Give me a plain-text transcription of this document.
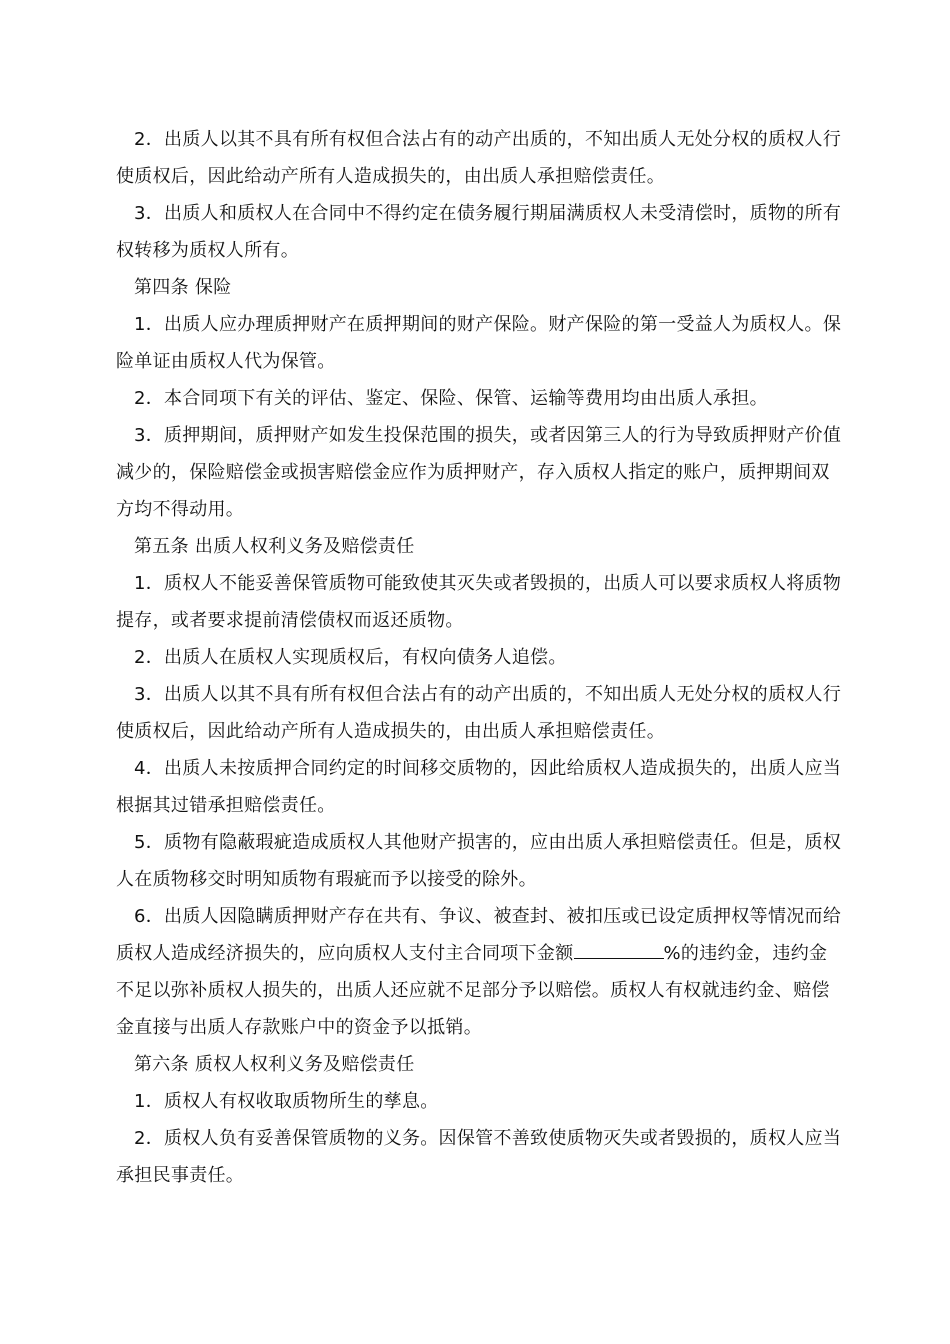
2．出质人以其不具有所有权但合法占有的动产出质的，不知出质人无处分权的质权人行使质权后，因此给动产所有人造成损失的，由出质人承担赔偿责任。

3．出质人和质权人在合同中不得约定在债务履行期届满质权人未受清偿时，质物的所有权转移为质权人所有。

第四条 保险

1．出质人应办理质押财产在质押期间的财产保险。财产保险的第一受益人为质权人。保险单证由质权人代为保管。

2．本合同项下有关的评估、鉴定、保险、保管、运输等费用均由出质人承担。

3．质押期间，质押财产如发生投保范围的损失，或者因第三人的行为导致质押财产价值减少的，保险赔偿金或损害赔偿金应作为质押财产，存入质权人指定的账户，质押期间双方均不得动用。

第五条 出质人权利义务及赔偿责任

1．质权人不能妥善保管质物可能致使其灭失或者毁损的，出质人可以要求质权人将质物提存，或者要求提前清偿债权而返还质物。

2．出质人在质权人实现质权后，有权向债务人追偿。

3．出质人以其不具有所有权但合法占有的动产出质的，不知出质人无处分权的质权人行使质权后，因此给动产所有人造成损失的，由出质人承担赔偿责任。

4．出质人未按质押合同约定的时间移交质物的，因此给质权人造成损失的，出质人应当根据其过错承担赔偿责任。

5．质物有隐蔽瑕疵造成质权人其他财产损害的，应由出质人承担赔偿责任。但是，质权人在质物移交时明知质物有瑕疵而予以接受的除外。

6．出质人因隐瞒质押财产存在共有、争议、被查封、被扣压或已设定质押权等情况而给质权人造成经济损失的，应向质权人支付主合同项下金额	%的违约金，违约金不足以弥补质权人损失的，出质人还应就不足部分予以赔偿。质权人有权就违约金、赔偿金直接与出质人存款账户中的资金予以抵销。

第六条 质权人权利义务及赔偿责任

1．质权人有权收取质物所生的孳息。

2．质权人负有妥善保管质物的义务。因保管不善致使质物灭失或者毁损的，质权人应当承担民事责任。
